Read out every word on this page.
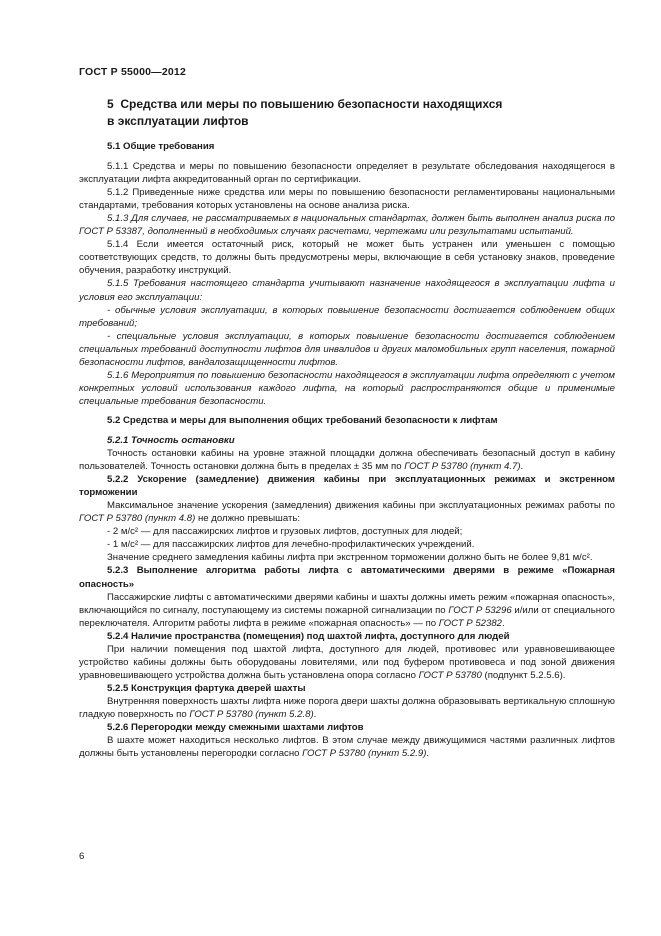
ГОСТ Р 55000—2012
5 Средства или меры по повышению безопасности находящихся
в эксплуатации лифтов

5.1 Общие требования

5.1.1 Средства и меры по повышению безопасности определяет в результате обследования находящегося в эксплуатации лифта аккредитованный орган по сертификации.

5.1.2 Приведенные ниже средства или меры по повышению безопасности регламентированы национальными стандартами, требования которых установлены на основе анализа риска.

5.1.3 Для случаев, не рассматриваемых в национальных стандартах, должен быть выполнен анализ риска по ГОСТ Р 53387, дополненный в необходимых случаях расчетами, чертежами или результатами испытаний.

5.1.4 Если имеется остаточный риск, который не может быть устранен или уменьшен с помощью соответствующих средств, то должны быть предусмотрены меры, включающие в себя установку знаков, проведение обучения, разработку инструкций.

5.1.5 Требования настоящего стандарта учитывают назначение находящегося в эксплуатации лифта и условия его эксплуатации:

- обычные условия эксплуатации, в которых повышение безопасности достигается соблюдением общих требований;

- специальные условия эксплуатации, в которых повышение безопасности достигается соблюдением специальных требований доступности лифтов для инвалидов и других маломобильных групп населения, пожарной безопасности лифтов, вандалозащищенности лифтов.

5.1.6 Мероприятия по повышению безопасности находящегося в эксплуатации лифта определяют с учетом конкретных условий использования каждого лифта, на который распространяются общие и применимые специальные требования безопасности.

5.2 Средства и меры для выполнения общих требований безопасности к лифтам

5.2.1 Точность остановки

Точность остановки кабины на уровне этажной площадки должна обеспечивать безопасный доступ в кабину пользователей. Точность остановки должна быть в пределах ± 35 мм по ГОСТ Р 53780 (пункт 4.7).

5.2.2 Ускорение (замедление) движения кабины при эксплуатационных режимах и экстренном торможении

Максимальное значение ускорения (замедления) движения кабины при эксплуатационных режимах работы по ГОСТ Р 53780 (пункт 4.8) не должно превышать:

- 2 м/с² — для пассажирских лифтов и грузовых лифтов, доступных для людей;

- 1 м/с² — для пассажирских лифтов для лечебно-профилактических учреждений.

Значение среднего замедления кабины лифта при экстренном торможении должно быть не более 9,81 м/с².

5.2.3 Выполнение алгоритма работы лифта с автоматическими дверями в режиме «Пожарная опасность»

Пассажирские лифты с автоматическими дверями кабины и шахты должны иметь режим «пожарная опасность», включающийся по сигналу, поступающему из системы пожарной сигнализации по ГОСТ Р 53296 и/или от специального переключателя. Алгоритм работы лифта в режиме «пожарная опасность» — по ГОСТ Р 52382.

5.2.4 Наличие пространства (помещения) под шахтой лифта, доступного для людей

При наличии помещения под шахтой лифта, доступного для людей, противовес или уравновешивающее устройство кабины должны быть оборудованы ловителями, или под буфером противовеса и под зоной движения уравновешивающего устройства должна быть установлена опора согласно ГОСТ Р 53780 (подпункт 5.2.5.6).

5.2.5 Конструкция фартука дверей шахты

Внутренняя поверхность шахты лифта ниже порога двери шахты должна образовывать вертикальную сплошную гладкую поверхность по ГОСТ Р 53780 (пункт 5.2.8).

5.2.6 Перегородки между смежными шахтами лифтов

В шахте может находиться несколько лифтов. В этом случае между движущимися частями различных лифтов должны быть установлены перегородки согласно ГОСТ Р 53780 (пункт 5.2.9).

6
